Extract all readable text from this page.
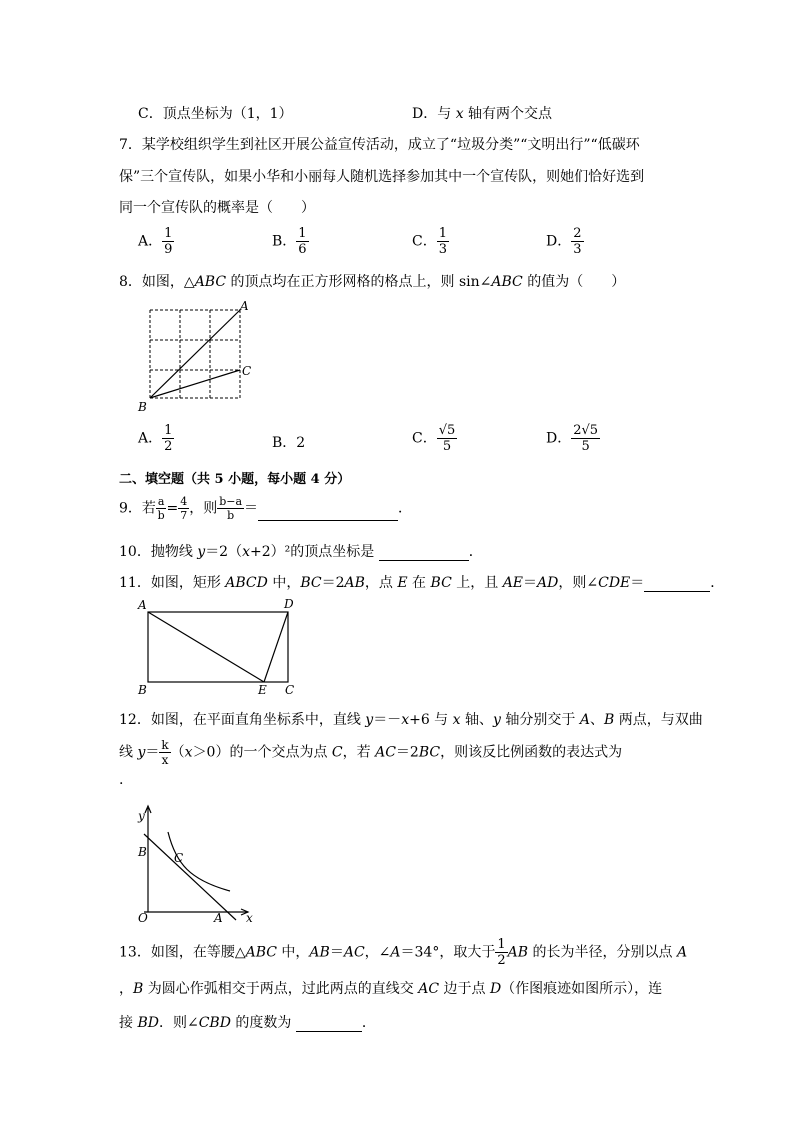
C．顶点坐标为（1，1）	D．与 x 轴有两个交点
7．某学校组织学生到社区开展公益宣传活动，成立了“垃圾分类”“文明出行”“低碳环
保”三个宣传队，如果小华和小丽每人随机选择参加其中一个宣传队，则她们恰好选到
同一个宣传队的概率是（　　）
A． $\frac{1}{9}$	B． $\frac{1}{6}$	C． $\frac{1}{3}$	D． $\frac{2}{3}$
8．如图，△ABC 的顶点均在正方形网格的格点上，则 sin∠ABC 的值为（　　）
A
C
B
A． $\frac{1}{2}$	B．2	C． $\frac{√5}{5}$	D． $\frac{2√5}{5}$
二、填空题（共 5 小题，每小题 4 分）
9．若 $\frac{a}{b} = \frac{4}{7}$ ，则 $\frac{b-a}{b}$ ＝	．
10．抛物线 y＝2（x+2）²的顶点坐标是	．
11．如图，矩形 ABCD 中，BC＝2AB，点 E 在 BC 上，且 AE＝AD，则∠CDE＝	．
A	D
B	E C
12．如图，在平面直角坐标系中，直线 y＝－x+6 与 x 轴、y 轴分别交于 A、B 两点，与双曲
线 $y= \frac{k}{x} (x>0)$的一个交点为点 C，若 AC＝2BC，则该反比例函数的表达式为
.
y
B C
O	A x
13．如图，在等腰△ABC 中，AB＝AC，∠A＝34°，取大于 $\frac{1}{2}$ AB 的长为半径，分别以点 A
，B 为圆心作弧相交于两点，过此两点的直线交 AC 边于点 D（作图痕迹如图所示），连
接 BD．则∠CBD 的度数为	．
